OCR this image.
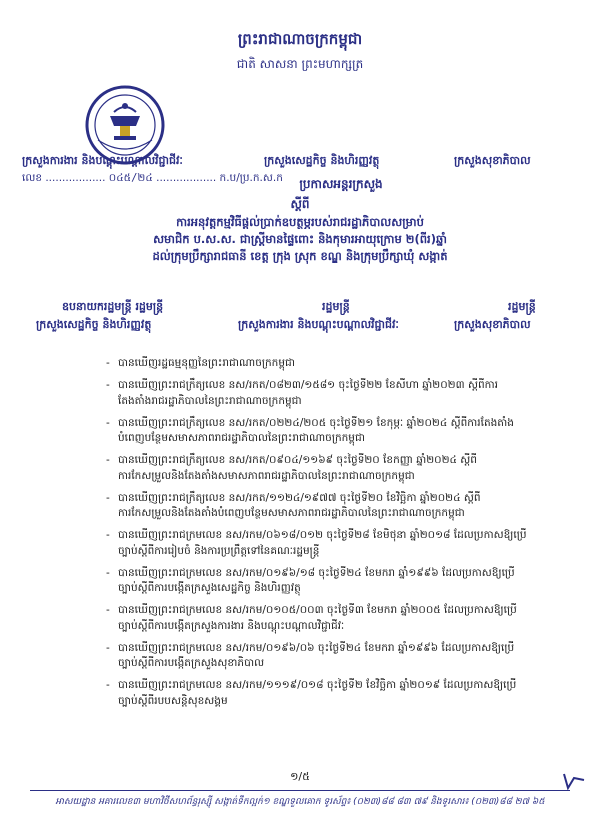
ព្រះរាជាណាចក្រកម្ពុជា
ជាតិ សាសនា ព្រះមហាក្សត្រ
ក្រសួងការងារ និងបណ្តុះបណ្តាលវិជ្ជាជីវៈ	ក្រសួងសេដ្ឋកិច្ច និងហិរញ្ញវត្ថុ	ក្រសួងសុខាភិបាល
លេខ .................. ០៤៥/២៤ .................. ក.ប/ប្រ.ក.ស.ក	ប្រកាសអន្តរក្រសួង
ស្តីពី
ការអនុវត្តកម្មវិធីផ្តល់ប្រាក់ឧបត្ថម្ភរបស់រាជរដ្ឋាភិបាលសម្រាប់
សមាជិក ប.ស.ស. ជាស្ត្រីមានផ្ទៃពោះ និងកុមារអាយុក្រោម ២(ពីរ)ឆ្នាំ
ដល់ក្រុមប្រឹក្សារាជធានី ខេត្ត ក្រុង ស្រុក ខណ្ឌ និងក្រុមប្រឹក្សាឃុំ សង្កាត់
ឧបនាយករដ្ឋមន្ត្រី រដ្ឋមន្ត្រី	រដ្ឋមន្ត្រី	រដ្ឋមន្ត្រី
ក្រសួងសេដ្ឋកិច្ច និងហិរញ្ញវត្ថុ	ក្រសួងការងារ និងបណ្តុះបណ្តាលវិជ្ជាជីវៈ	ក្រសួងសុខាភិបាល
- បានឃើញរដ្ឋធម្មនុញ្ញនៃព្រះរាជាណាចក្រកម្ពុជា
- បានឃើញព្រះរាជក្រឹត្យលេខ នស/រកត/០៨២៣/១៥៨១ ចុះថ្ងៃទី២២ ខែសីហា ឆ្នាំ២០២៣ ស្តីពីការតែងតាំងរាជរដ្ឋាភិបាលនៃព្រះរាជាណាចក្រកម្ពុជា
- បានឃើញព្រះរាជក្រឹត្យលេខ នស/រកត/០២២៤/២០៥ ចុះថ្ងៃទី២១ ខែកុម្ភៈ ឆ្នាំ២០២៤ ស្តីពីការតែងតាំងបំពេញបន្ថែមសមាសភាពរាជរដ្ឋាភិបាលនៃព្រះរាជាណាចក្រកម្ពុជា
- បានឃើញព្រះរាជក្រឹត្យលេខ នស/រកត/០៩០៤/១១៦៩ ចុះថ្ងៃទី២០ ខែកញ្ញា ឆ្នាំ២០២៤ ស្តីពីការកែសម្រួលនិងតែងតាំងសមាសភាពរាជរដ្ឋាភិបាលនៃព្រះរាជាណាចក្រកម្ពុជា
- បានឃើញព្រះរាជក្រឹត្យលេខ នស/រកត/១១២៤/១៩៧៧ ចុះថ្ងៃទី២០ ខែវិច្ឆិកា ឆ្នាំ២០២៤ ស្តីពីការកែសម្រួលនិងតែងតាំងបំពេញបន្ថែមសមាសភាពរាជរដ្ឋាភិបាលនៃព្រះរាជាណាចក្រកម្ពុជា
- បានឃើញព្រះរាជក្រមលេខ នស/រកម/០៦១៨/០១២ ចុះថ្ងៃទី២៨ ខែមិថុនា ឆ្នាំ២០១៨ ដែលប្រកាសឱ្យប្រើច្បាប់ស្តីពីការរៀបចំ និងការប្រព្រឹត្តទៅនៃគណៈរដ្ឋមន្ត្រី
- បានឃើញព្រះរាជក្រមលេខ នស/រកម/០១៩៦/១៨ ចុះថ្ងៃទី២៤ ខែមករា ឆ្នាំ១៩៩៦ ដែលប្រកាសឱ្យប្រើច្បាប់ស្តីពីការបង្កើតក្រសួងសេដ្ឋកិច្ច និងហិរញ្ញវត្ថុ
- បានឃើញព្រះរាជក្រមលេខ នស/រកម/០១០៥/០០៣ ចុះថ្ងៃទី៣ ខែមករា ឆ្នាំ២០០៥ ដែលប្រកាសឱ្យប្រើច្បាប់ស្តីពីការបង្កើតក្រសួងការងារ និងបណ្តុះបណ្តាលវិជ្ជាជីវៈ
- បានឃើញព្រះរាជក្រមលេខ នស/រកម/០១៩៦/០៦ ចុះថ្ងៃទី២៤ ខែមករា ឆ្នាំ១៩៩៦ ដែលប្រកាសឱ្យប្រើច្បាប់ស្តីពីការបង្កើតក្រសួងសុខាភិបាល
- បានឃើញព្រះរាជក្រមលេខ នស/រកម/១១១៩/០១៨ ចុះថ្ងៃទី២ ខែវិច្ឆិកា ឆ្នាំ២០១៩ ដែលប្រកាសឱ្យប្រើច្បាប់ស្តីពីរបបសន្តិសុខសង្គម
១/៥
អាសយដ្ឋាន អគារលេខ៣ មហាវិថីសហព័ន្ធរុស្ស៊ី សង្កាត់ទឹកល្អក់១ ខណ្ឌទួលគោក ទូរស័ព្ទ៖ (០២៣)៨៨ ៨៣ ៧៩ និងទូរសារ៖ (០២៣)៨៨ ២៧ ៦៥
